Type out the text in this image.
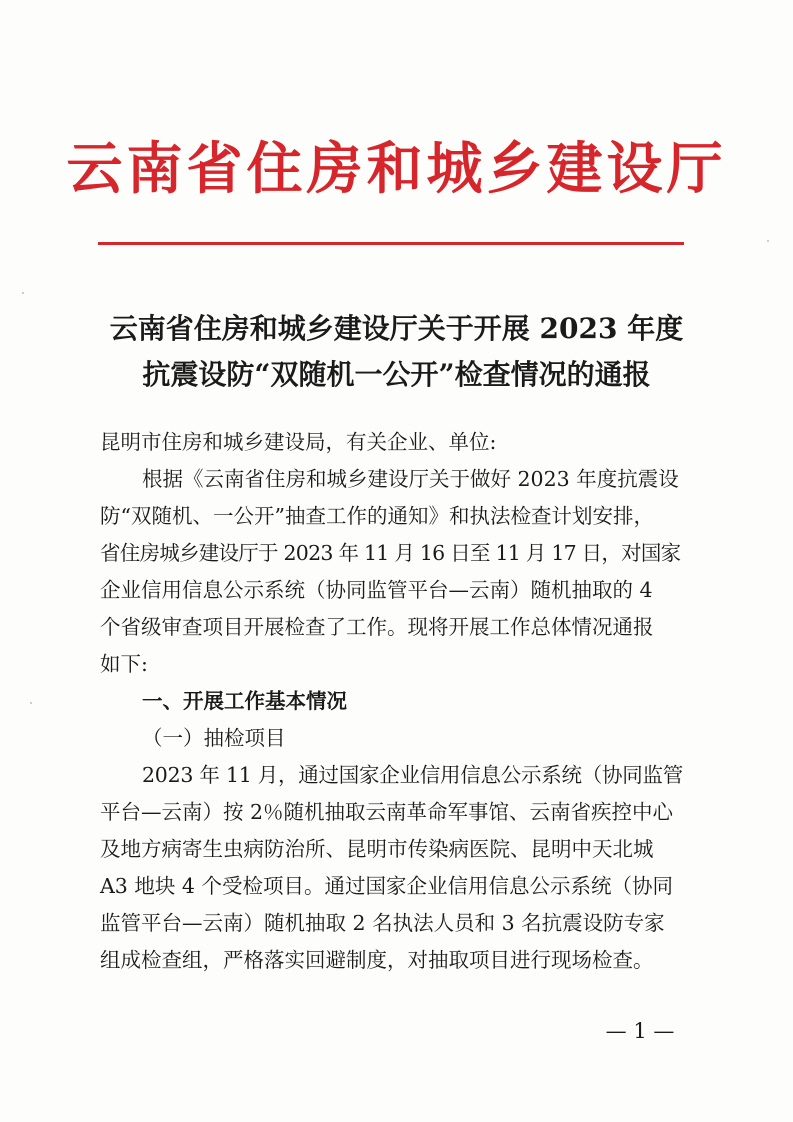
云南省住房和城乡建设厅
云南省住房和城乡建设厅关于开展 2023 年度
抗震设防“双随机一公开”检查情况的通报
昆明市住房和城乡建设局，有关企业、单位:
根据《云南省住房和城乡建设厅关于做好 2023 年度抗震设
防“双随机、一公开”抽查工作的通知》和执法检查计划安排，
省住房城乡建设厅于 2023 年 11 月 16 日至 11 月 17 日，对国家
企业信用信息公示系统（协同监管平台—云南）随机抽取的 4
个省级审查项目开展检查了工作。现将开展工作总体情况通报
如下:
一、开展工作基本情况
（一）抽检项目
2023 年 11 月，通过国家企业信用信息公示系统（协同监管
平台—云南）按 2％随机抽取云南革命军事馆、云南省疾控中心
及地方病寄生虫病防治所、昆明市传染病医院、昆明中天北城
A3 地块 4 个受检项目。通过国家企业信用信息公示系统（协同
监管平台—云南）随机抽取 2 名执法人员和 3 名抗震设防专家
组成检查组，严格落实回避制度，对抽取项目进行现场检查。
— 1 —
